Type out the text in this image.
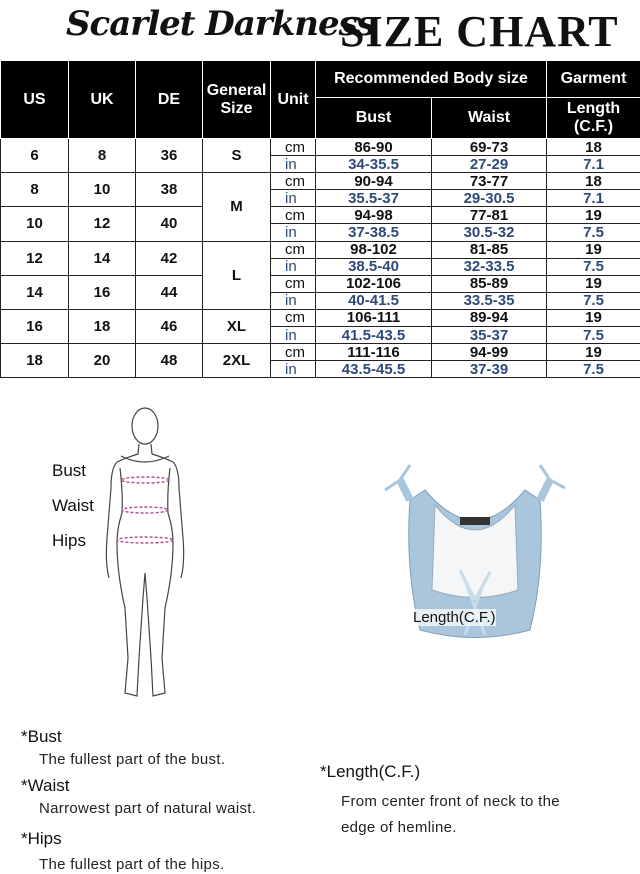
Scarlet Darkness
SIZE CHART
US	UK	DE	General Size	Unit	Recommended Body size		Garment
					Bust	Waist	Length (C.F.)
6	8	36	S	cm	86-90	69-73	18
				in	34-35.5	27-29	7.1
8	10	38	M	cm	90-94	73-77	18
				in	35.5-37	29-30.5	7.1
10	12	40		cm	94-98	77-81	19
				in	37-38.5	30.5-32	7.5
12	14	42	L	cm	98-102	81-85	19
				in	38.5-40	32-33.5	7.5
14	16	44		cm	102-106	85-89	19
				in	40-41.5	33.5-35	7.5
16	18	46	XL	cm	106-111	89-94	19
				in	41.5-43.5	35-37	7.5
18	20	48	2XL	cm	111-116	94-99	19
				in	43.5-45.5	37-39	7.5
Bust
Waist
Hips
Length(C.F.)
*Bust
The fullest part of the bust.
*Waist
Narrowest part of natural waist.
*Hips
The fullest part of the hips.
*Length(C.F.)
From center front of neck to the
edge of hemline.
